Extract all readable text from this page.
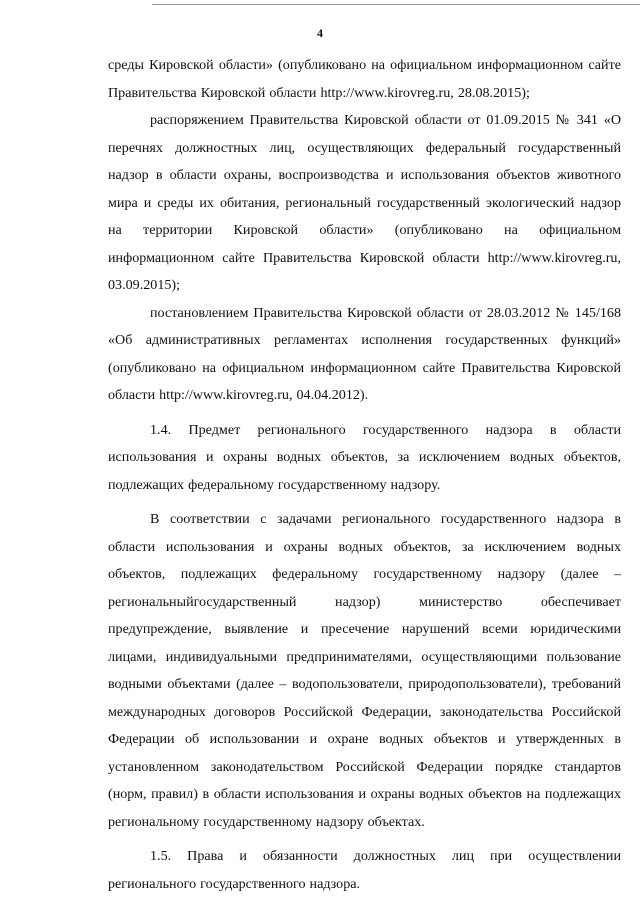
4

среды Кировской области» (опубликовано на официальном информационном сайте Правительства Кировской области http://www.kirovreg.ru, 28.08.2015);

распоряжением Правительства Кировской области от 01.09.2015 № 341 «О перечнях должностных лиц, осуществляющих федеральный государственный надзор в области охраны, воспроизводства и использования объектов животного мира и среды их обитания, региональный государственный экологический надзор на территории Кировской области» (опубликовано на официальном информационном сайте Правительства Кировской области http://www.kirovreg.ru, 03.09.2015);

постановлением Правительства Кировской области от 28.03.2012 № 145/168 «Об административных регламентах исполнения государственных функций» (опубликовано на официальном информационном сайте Правительства Кировской области http://www.kirovreg.ru, 04.04.2012).

1.4. Предмет регионального государственного надзора в области использования и охраны водных объектов, за исключением водных объектов, подлежащих федеральному государственному надзору.

В соответствии с задачами регионального государственного надзора в области использования и охраны водных объектов, за исключением водных объектов, подлежащих федеральному государственному надзору (далее – региональныйгосударственный надзор) министерство обеспечивает предупреждение, выявление и пресечение нарушений всеми юридическими лицами, индивидуальными предпринимателями, осуществляющими пользование водными объектами (далее – водопользователи, природопользователи), требований международных договоров Российской Федерации, законодательства Российской Федерации об использовании и охране водных объектов и утвержденных в установленном законодательством Российской Федерации порядке стандартов (норм, правил) в области использования и охраны водных объектов на подлежащих региональному государственному надзору объектах.

1.5. Права и обязанности должностных лиц при осуществлении регионального государственного надзора.
